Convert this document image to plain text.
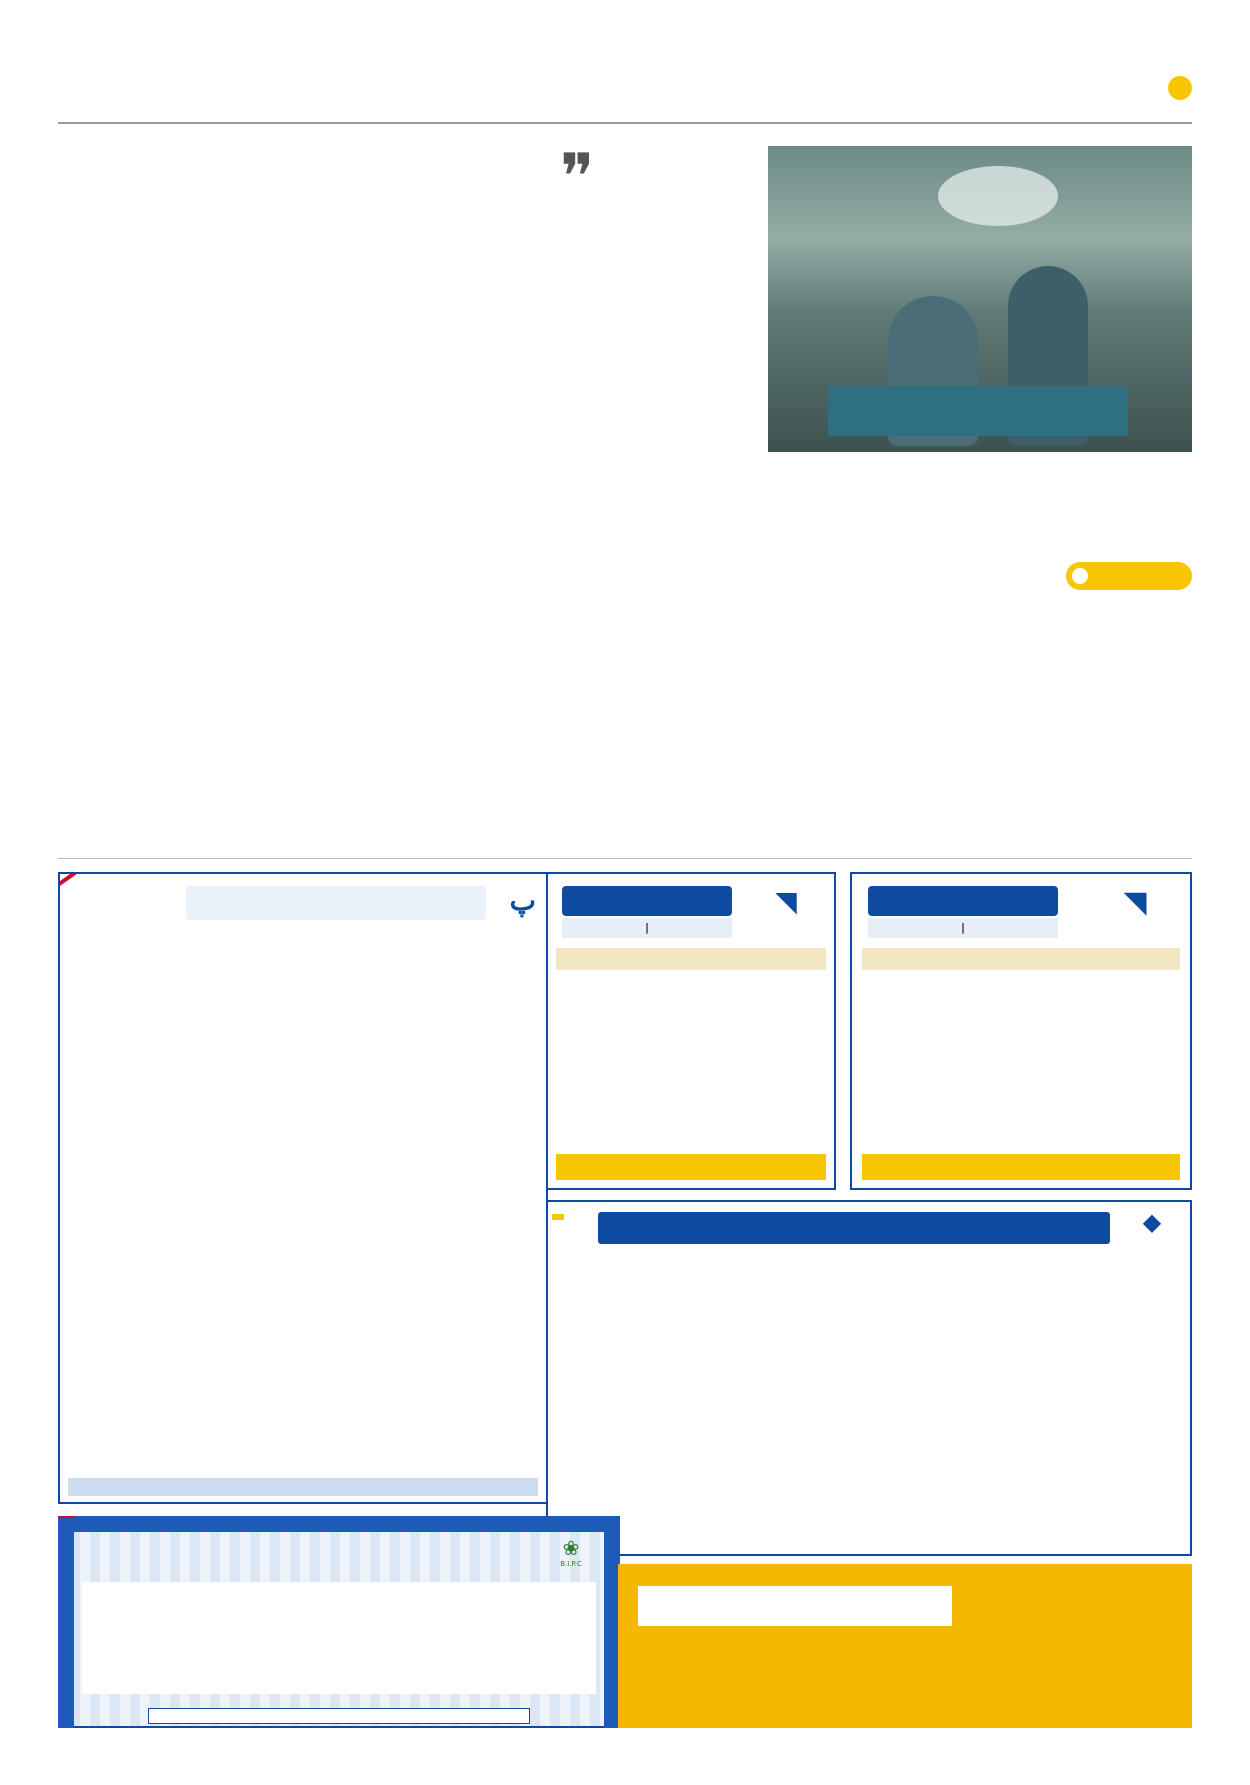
❞
◥
|
◥
|
پ
◆

❀
B.I.P.C
